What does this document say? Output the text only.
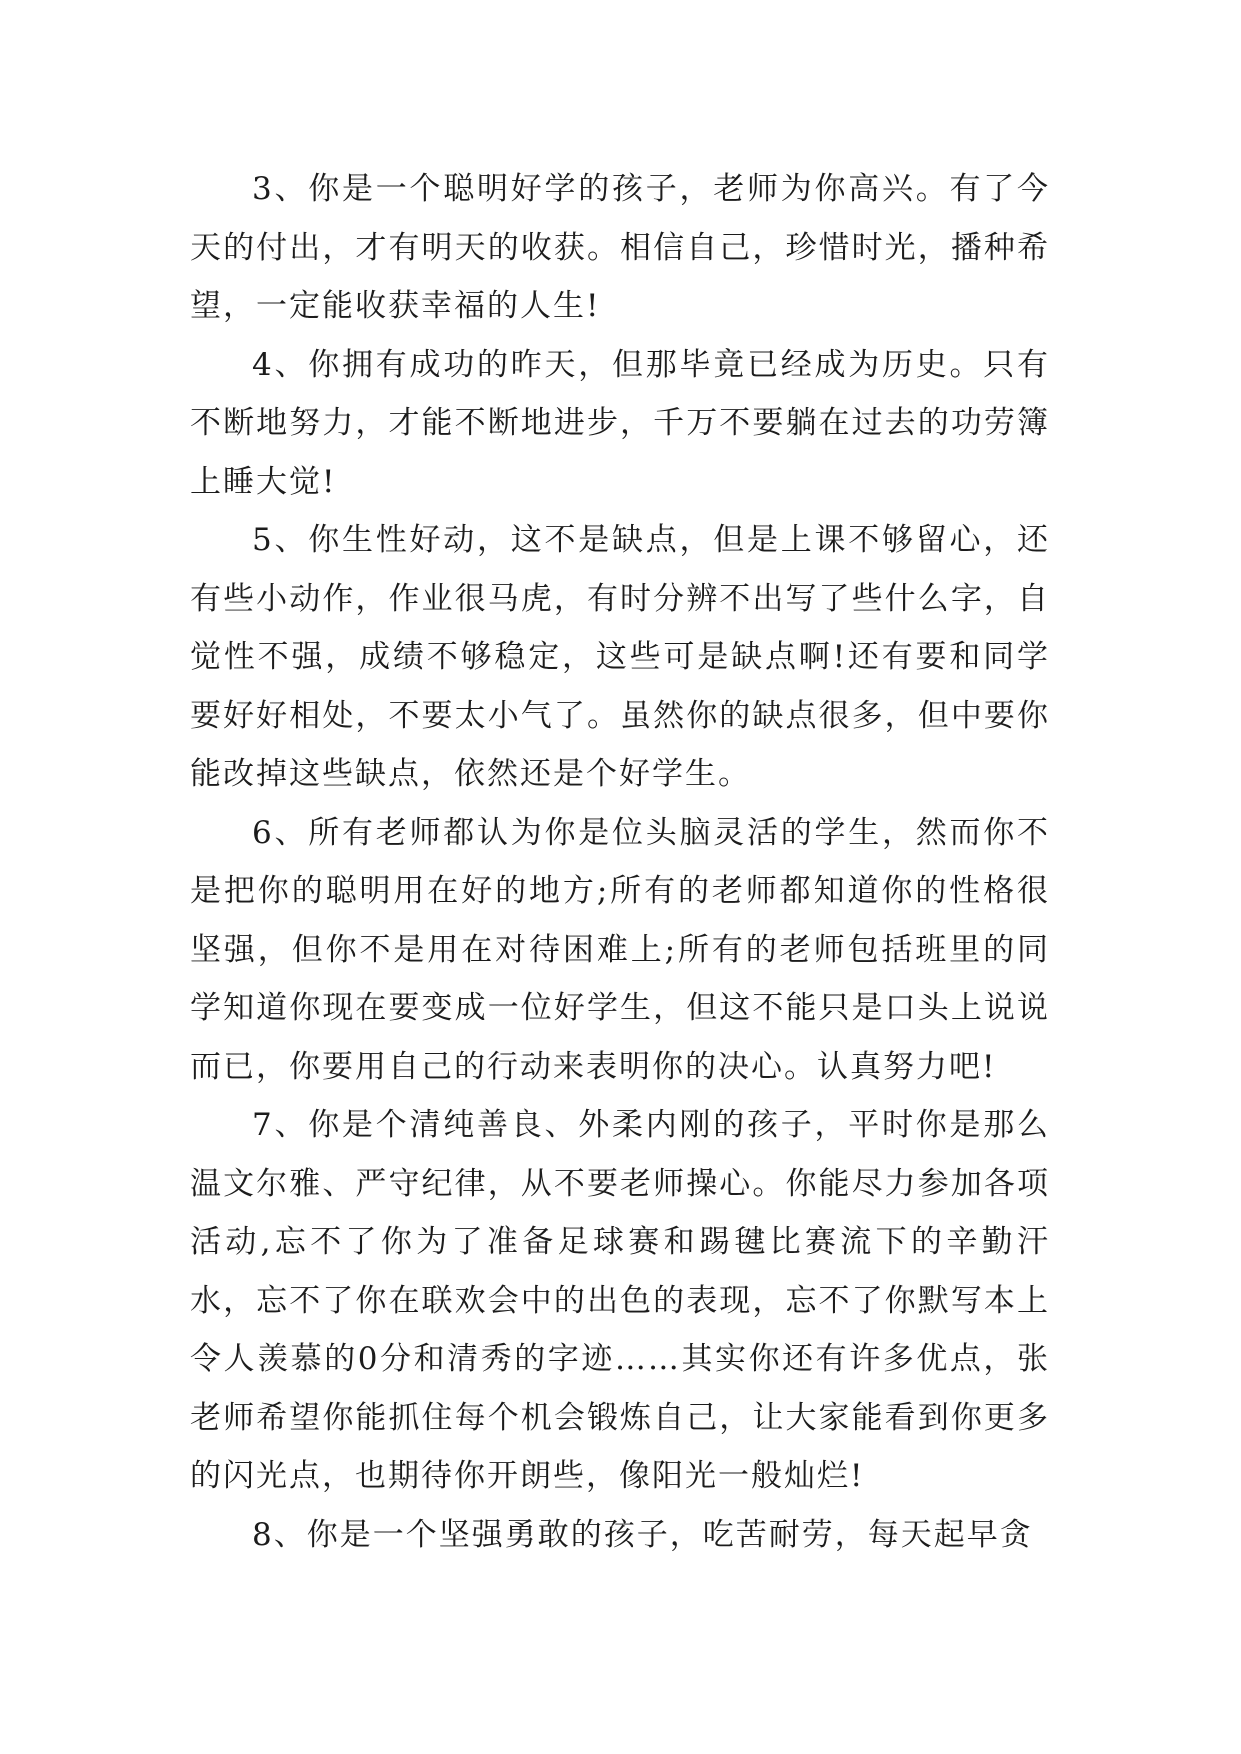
3、你是一个聪明好学的孩子，老师为你高兴。有了今天的付出，才有明天的收获。相信自己，珍惜时光，播种希望，一定能收获幸福的人生!

4、你拥有成功的昨天，但那毕竟已经成为历史。只有不断地努力，才能不断地进步，千万不要躺在过去的功劳簿上睡大觉!

5、你生性好动，这不是缺点，但是上课不够留心，还有些小动作，作业很马虎，有时分辨不出写了些什么字，自觉性不强，成绩不够稳定，这些可是缺点啊!还有要和同学要好好相处，不要太小气了。虽然你的缺点很多，但中要你能改掉这些缺点，依然还是个好学生。

6、所有老师都认为你是位头脑灵活的学生，然而你不是把你的聪明用在好的地方;所有的老师都知道你的性格很坚强，但你不是用在对待困难上;所有的老师包括班里的同学知道你现在要变成一位好学生，但这不能只是口头上说说而已，你要用自己的行动来表明你的决心。认真努力吧!

7、你是个清纯善良、外柔内刚的孩子，平时你是那么温文尔雅、严守纪律，从不要老师操心。你能尽力参加各项活动,忘不了你为了准备足球赛和踢毽比赛流下的辛勤汗水，忘不了你在联欢会中的出色的表现，忘不了你默写本上令人羡慕的0分和清秀的字迹……其实你还有许多优点，张老师希望你能抓住每个机会锻炼自己，让大家能看到你更多的闪光点，也期待你开朗些，像阳光一般灿烂!

8、你是一个坚强勇敢的孩子，吃苦耐劳，每天起早贪
